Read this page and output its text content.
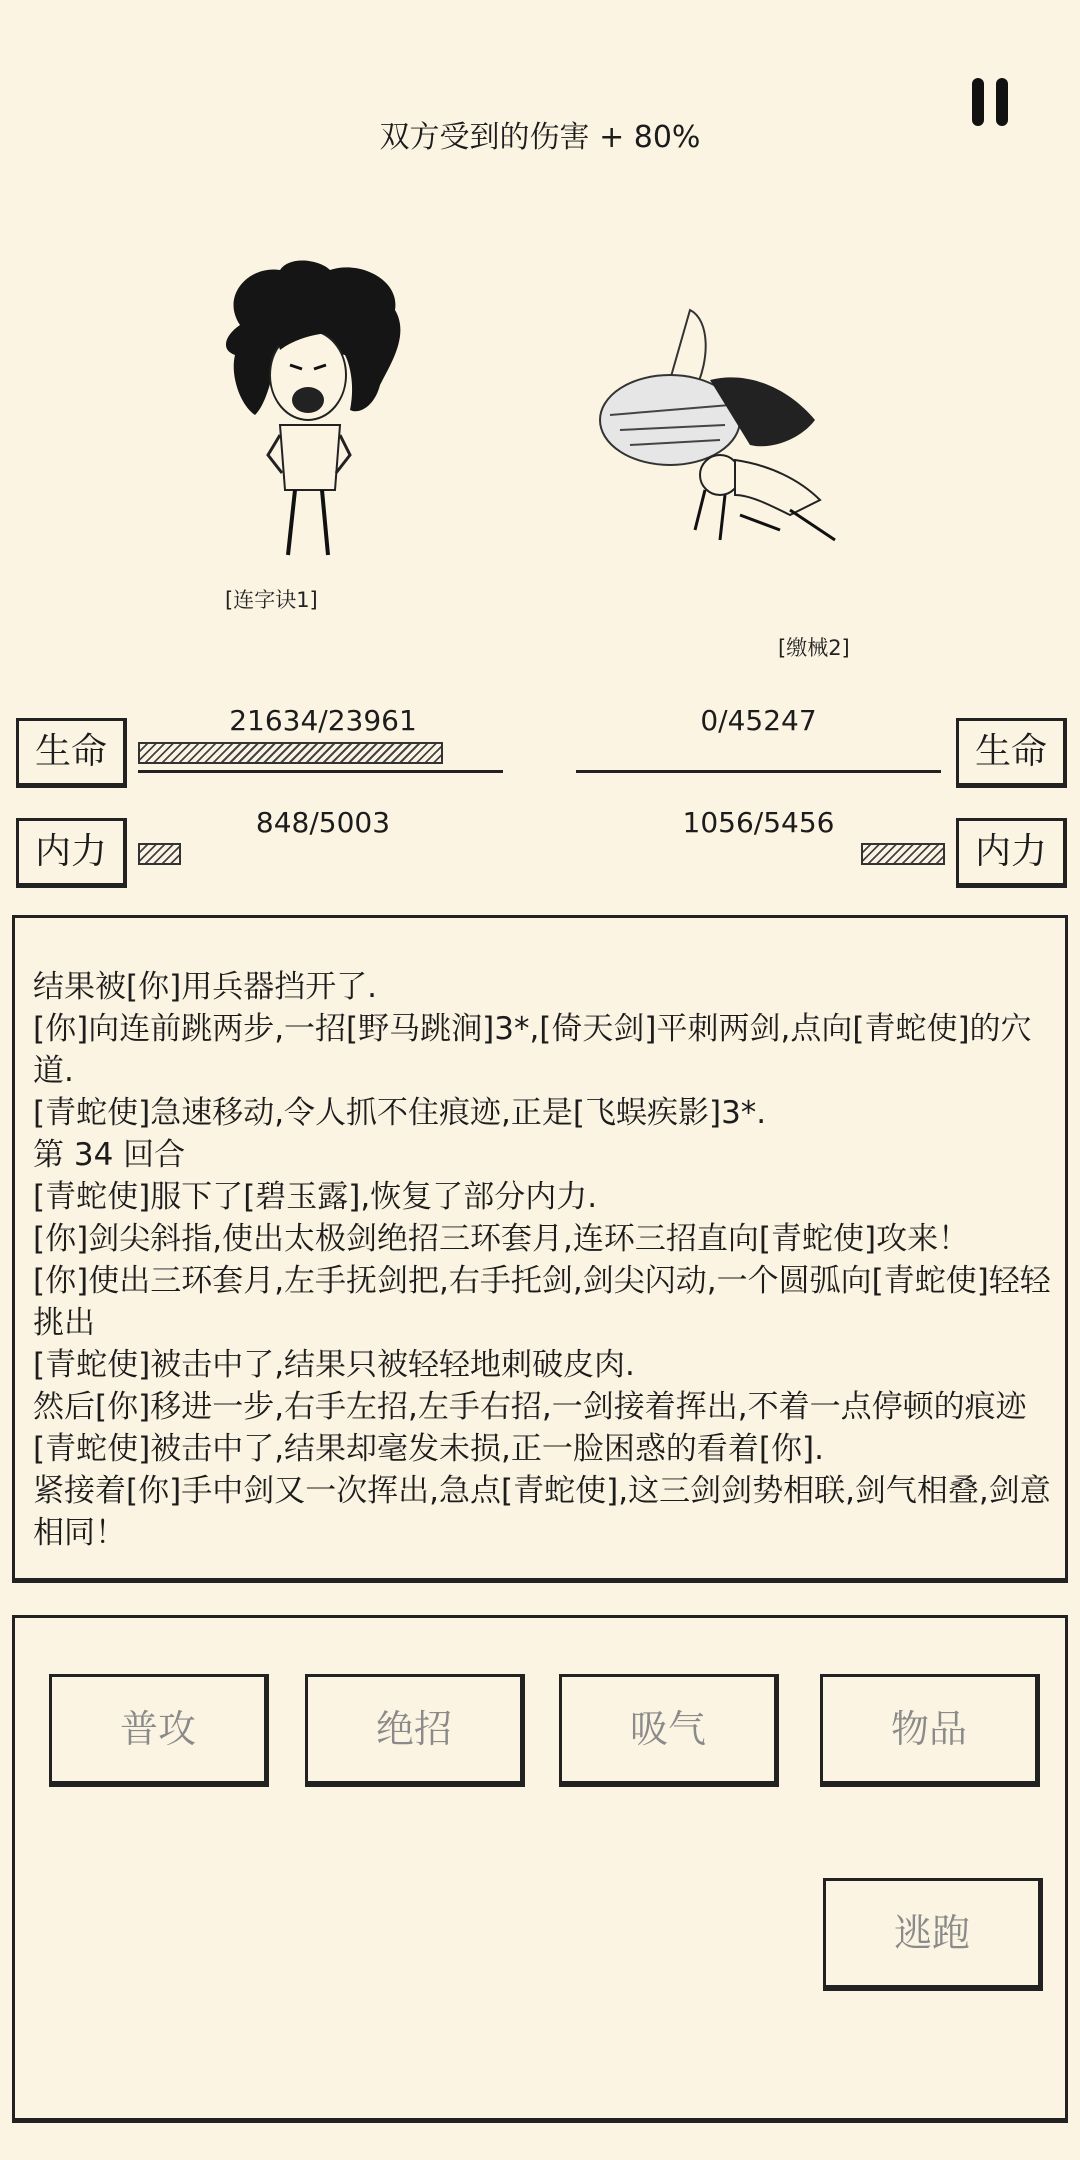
双方受到的伤害 + 80%
[连字诀1]
[缴械2]
生命
21634/23961
内力
848/5003
生命
0/45247
内力
1056/5456
结果被[你]用兵器挡开了.
[你]向连前跳两步,一招[野马跳涧]3*,[倚天剑]平刺两剑,点向[青蛇使]的穴道.
[青蛇使]急速移动,令人抓不住痕迹,正是[飞蜈疾影]3*.
第 34 回合
[青蛇使]服下了[碧玉露],恢复了部分内力.
[你]剑尖斜指,使出太极剑绝招三环套月,连环三招直向[青蛇使]攻来！
[你]使出三环套月,左手抚剑把,右手托剑,剑尖闪动,一个圆弧向[青蛇使]轻轻挑出
[青蛇使]被击中了,结果只被轻轻地刺破皮肉.
然后[你]移进一步,右手左招,左手右招,一剑接着挥出,不着一点停顿的痕迹
[青蛇使]被击中了,结果却毫发未损,正一脸困惑的看着[你].
紧接着[你]手中剑又一次挥出,急点[青蛇使],这三剑剑势相联,剑气相叠,剑意相同！
普攻	绝招	吸气	物品
逃跑
